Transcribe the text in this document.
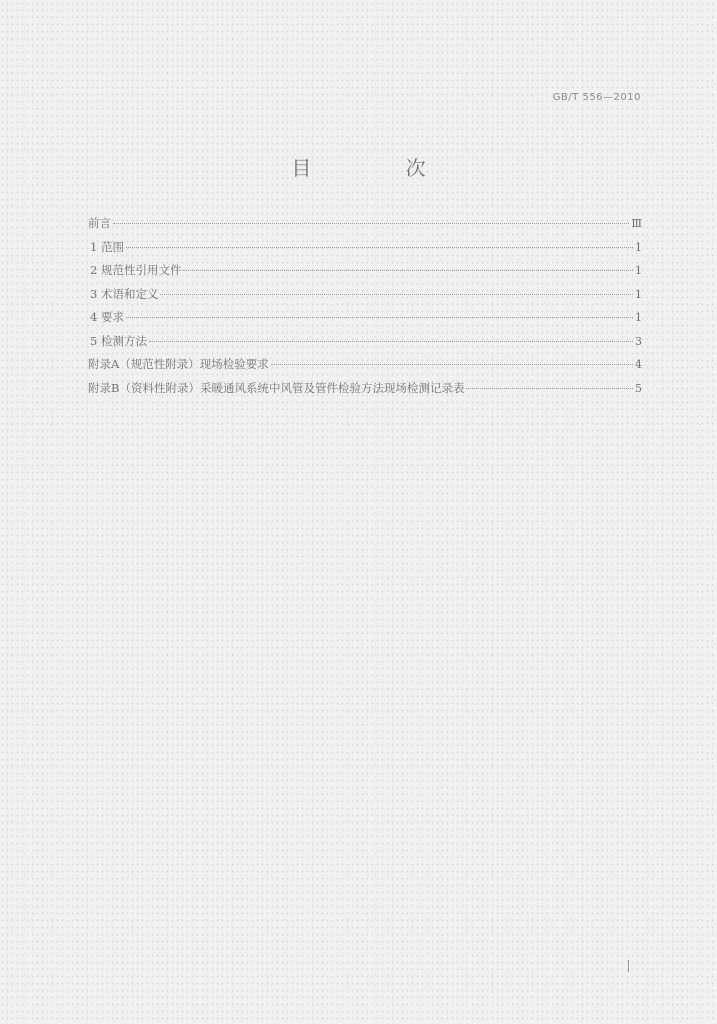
GB/T 556—2010
目 次
前言	Ⅲ
1 范围	1
2 规范性引用文件	1
3 术语和定义	1
4 要求	1
5 检测方法	3
附录A（规范性附录）现场检验要求	4
附录B（资料性附录）采暖通风系统中风管及管件检验方法现场检测记录表	5
